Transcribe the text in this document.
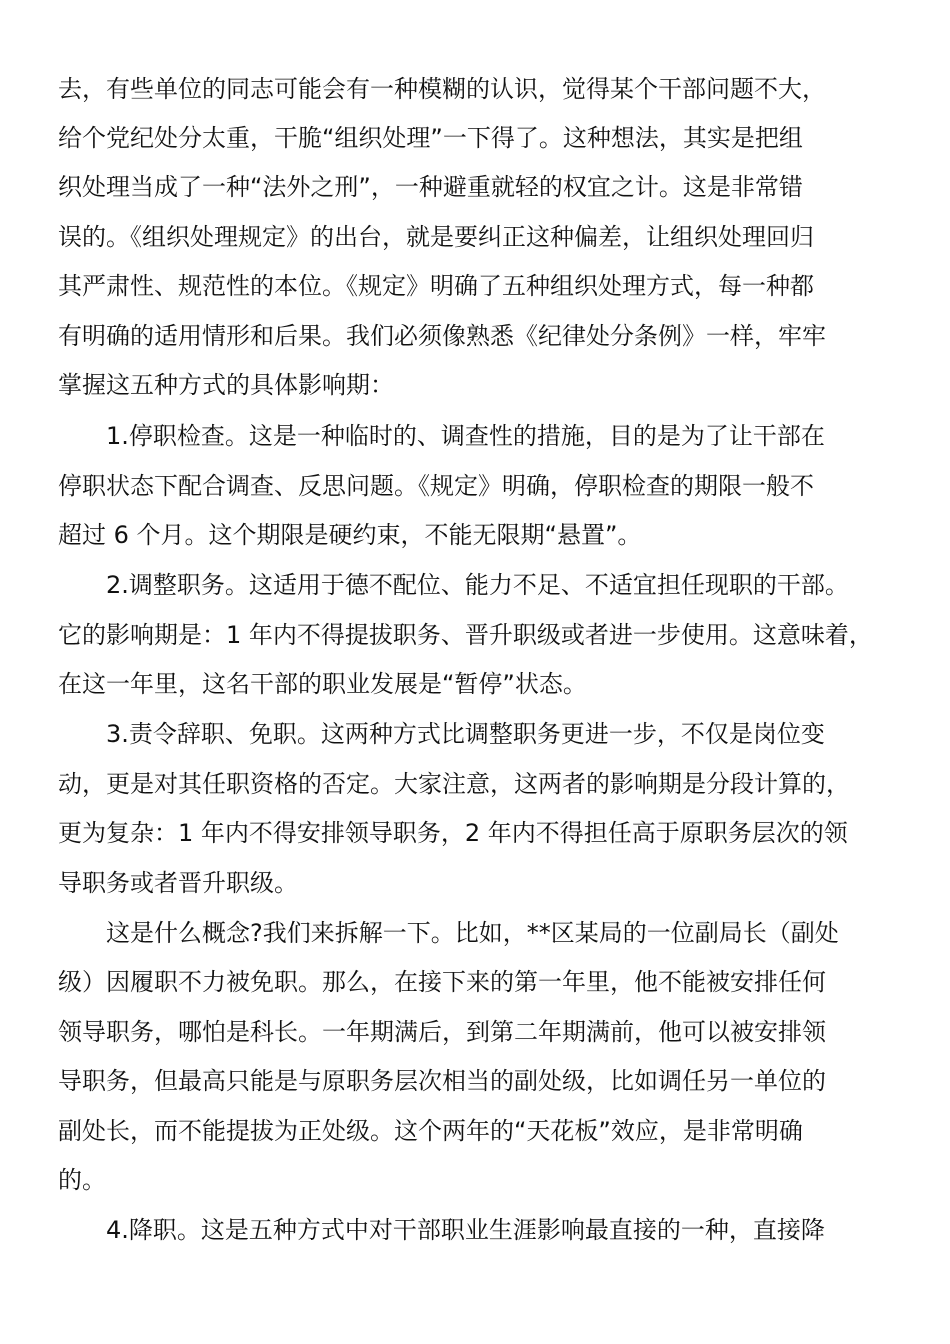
去，有些单位的同志可能会有一种模糊的认识，觉得某个干部问题不大，
给个党纪处分太重，干脆“组织处理”一下得了。这种想法，其实是把组
织处理当成了一种“法外之刑”，一种避重就轻的权宜之计。这是非常错
误的。《组织处理规定》的出台，就是要纠正这种偏差，让组织处理回归
其严肃性、规范性的本位。《规定》明确了五种组织处理方式，每一种都
有明确的适用情形和后果。我们必须像熟悉《纪律处分条例》一样，牢牢
掌握这五种方式的具体影响期：
1.停职检查。这是一种临时的、调查性的措施，目的是为了让干部在
停职状态下配合调查、反思问题。《规定》明确，停职检查的期限一般不
超过 6 个月。这个期限是硬约束，不能无限期“悬置”。
2.调整职务。这适用于德不配位、能力不足、不适宜担任现职的干部。
它的影响期是：1 年内不得提拔职务、晋升职级或者进一步使用。这意味着，
在这一年里，这名干部的职业发展是“暂停”状态。
3.责令辞职、免职。这两种方式比调整职务更进一步，不仅是岗位变
动，更是对其任职资格的否定。大家注意，这两者的影响期是分段计算的，
更为复杂：1 年内不得安排领导职务，2 年内不得担任高于原职务层次的领
导职务或者晋升职级。
这是什么概念?我们来拆解一下。比如，**区某局的一位副局长（副处
级）因履职不力被免职。那么，在接下来的第一年里，他不能被安排任何
领导职务，哪怕是科长。一年期满后，到第二年期满前，他可以被安排领
导职务，但最高只能是与原职务层次相当的副处级，比如调任另一单位的
副处长，而不能提拔为正处级。这个两年的“天花板”效应，是非常明确
的。
4.降职。这是五种方式中对干部职业生涯影响最直接的一种，直接降
